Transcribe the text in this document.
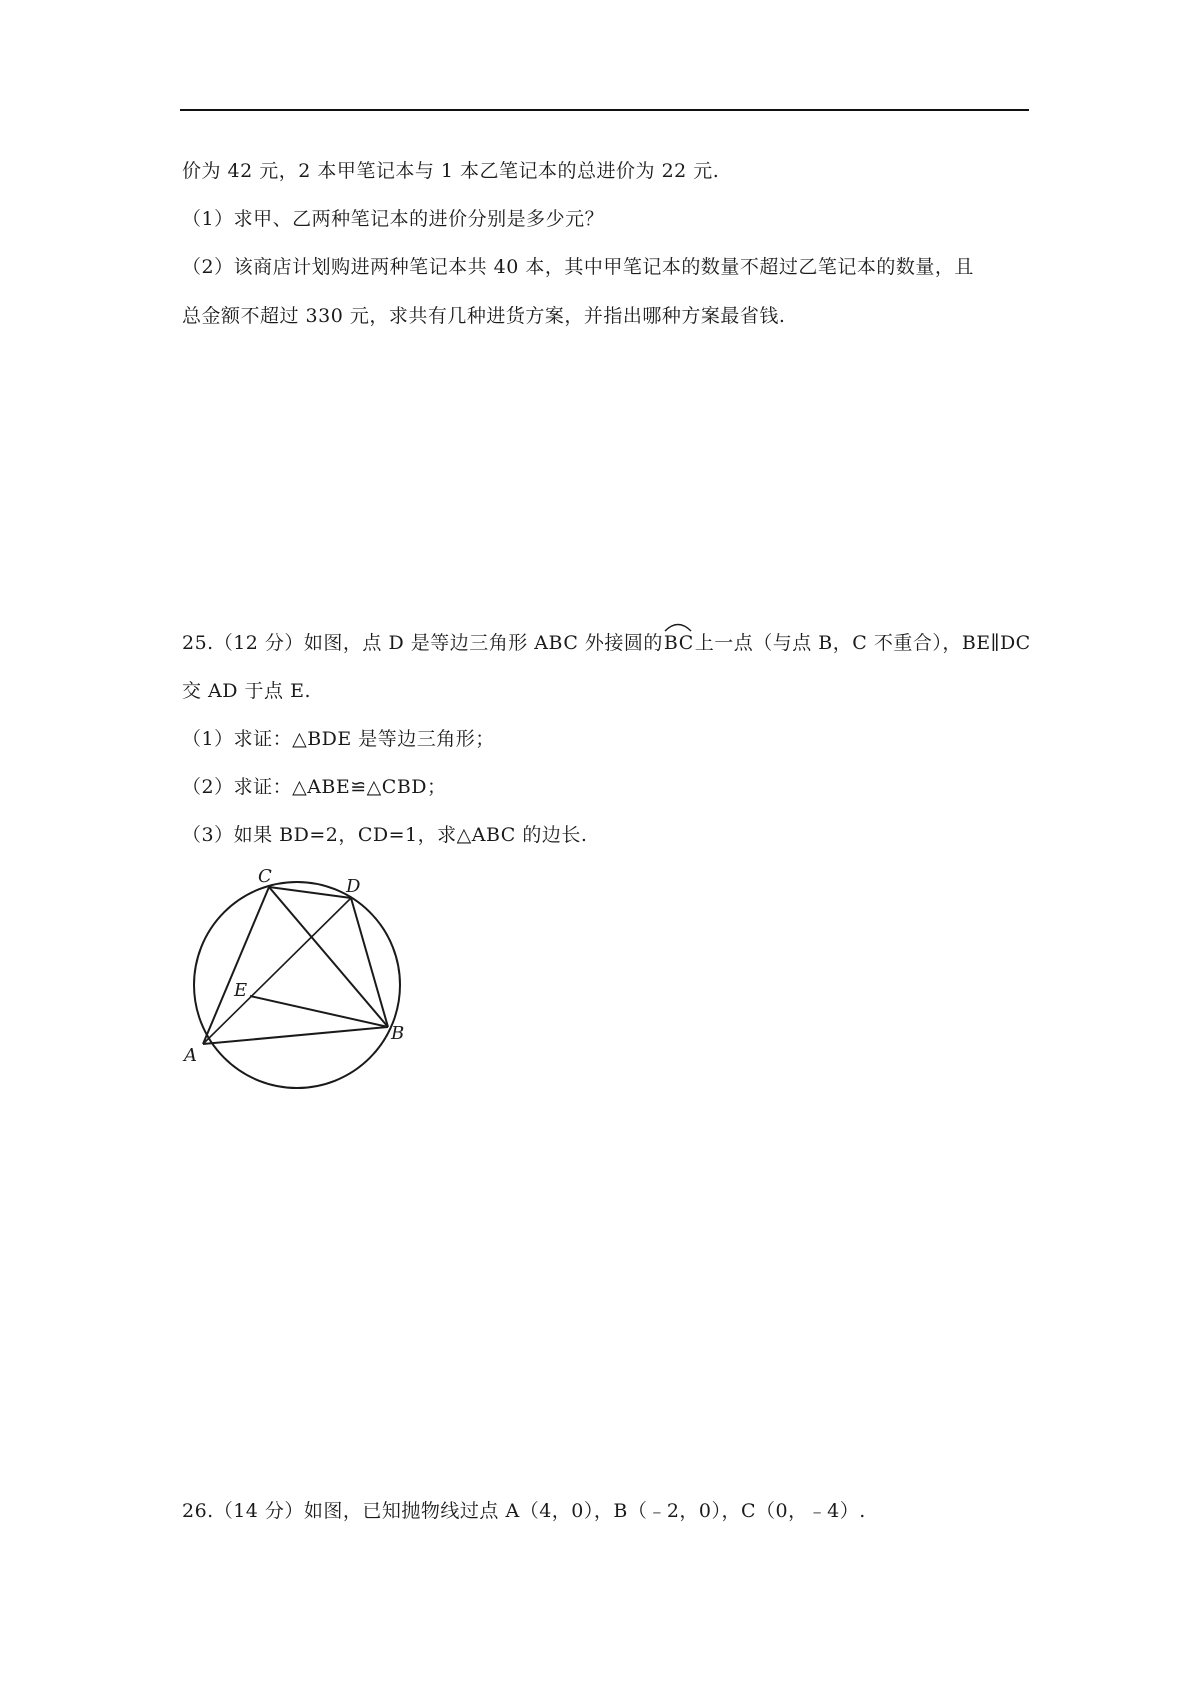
价为 42 元，2 本甲笔记本与 1 本乙笔记本的总进价为 22 元.
（1）求甲、乙两种笔记本的进价分别是多少元？
（2）该商店计划购进两种笔记本共 40 本，其中甲笔记本的数量不超过乙笔记本的数量，且
总金额不超过 330 元，求共有几种进货方案，并指出哪种方案最省钱.
25.（12 分）如图，点 D 是等边三角形 ABC 外接圆的
BC上一点（与点 B，C 不重合），BE∥DC
交 AD 于点 E.
（1）求证：△BDE 是等边三角形；
（2）求证：△ABE≌△CBD；
（3）如果 BD=2，CD=1，求△ABC 的边长.
C	D
E
B
A
26.（14 分）如图，已知抛物线过点 A（4，0），B（﹣2，0），C（0，﹣4）.
